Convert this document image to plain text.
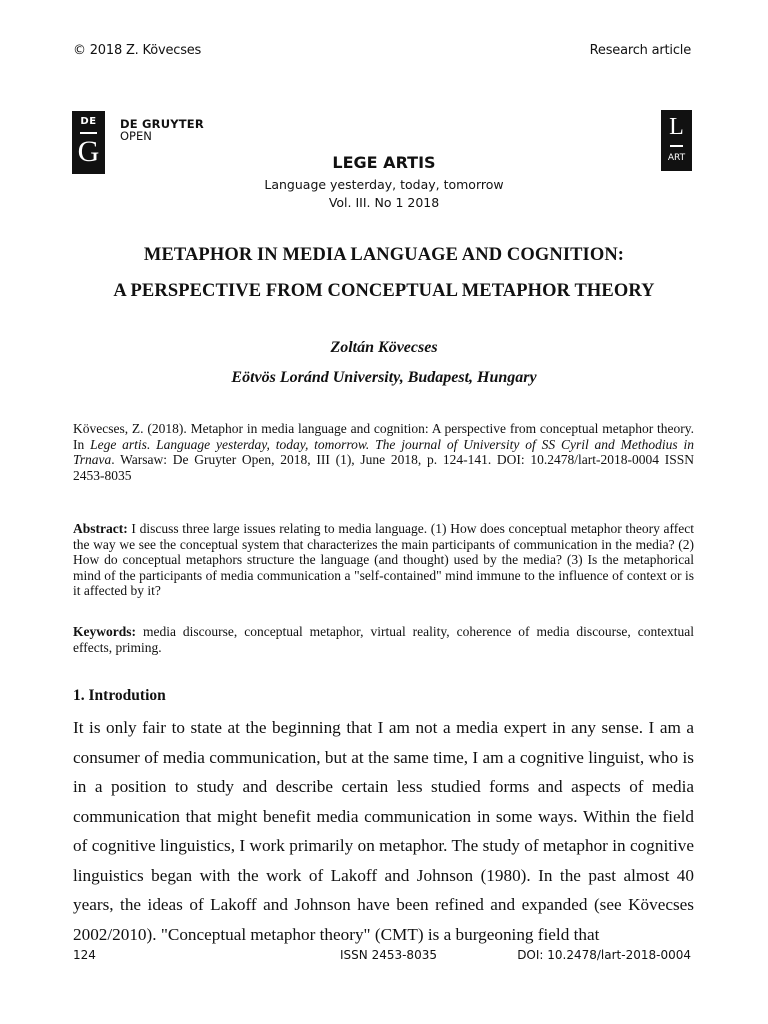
© 2018 Z. Kövecses	Research article
DE
G
DE GRUYTER
OPEN	L
ART
LEGE ARTIS
Language yesterday, today, tomorrow
Vol. III. No 1 2018
METAPHOR IN MEDIA LANGUAGE AND COGNITION:
A PERSPECTIVE FROM CONCEPTUAL METAPHOR THEORY
Zoltán Kövecses
Eötvös Loránd University, Budapest, Hungary
Kövecses, Z. (2018). Metaphor in media language and cognition: A perspective from conceptual metaphor theory. In Lege artis. Language yesterday, today, tomorrow. The journal of University of SS Cyril and Methodius in Trnava. Warsaw: De Gruyter Open, 2018, III (1), June 2018, p. 124-141. DOI: 10.2478/lart-2018-0004 ISSN 2453-8035
Abstract: I discuss three large issues relating to media language. (1) How does conceptual metaphor theory affect the way we see the conceptual system that characterizes the main participants of communication in the media? (2) How do conceptual metaphors structure the language (and thought) used by the media? (3) Is the metaphorical mind of the participants of media communication a "self-contained" mind immune to the influence of context or is it affected by it?
Keywords: media discourse, conceptual metaphor, virtual reality, coherence of media discourse, contextual effects, priming.
1. Introdution
It is only fair to state at the beginning that I am not a media expert in any sense. I am a consumer of media communication, but at the same time, I am a cognitive linguist, who is in a position to study and describe certain less studied forms and aspects of media communication that might benefit media communication in some ways. Within the field of cognitive linguistics, I work primarily on metaphor. The study of metaphor in cognitive linguistics began with the work of Lakoff and Johnson (1980). In the past almost 40 years, the ideas of Lakoff and Johnson have been refined and expanded (see Kövecses 2002/2010). "Conceptual metaphor theory" (CMT) is a burgeoning field that
124	ISSN 2453-8035	DOI: 10.2478/lart-2018-0004
